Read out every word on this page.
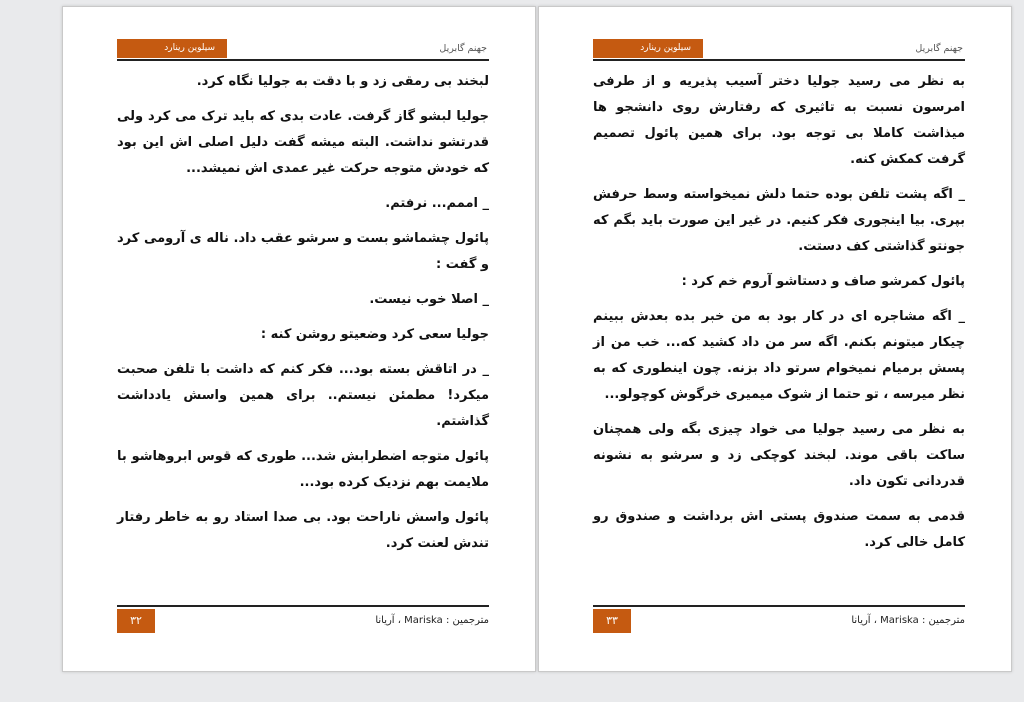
سیلوین رینارد	جهنم گابریل

لبخند بی رمقی زد و با دقت به جولیا نگاه کرد.

جولیا لبشو گاز گرفت. عادت بدی که باید ترک می کرد ولی قدرتشو نداشت. البته میشه گفت دلیل اصلی اش این بود که خودش متوجه حرکت غیر عمدی اش نمیشد...

_ اممم... نرفتم.

پائول چشماشو بست و سرشو عقب داد. ناله ی آرومی کرد و گفت :

_ اصلا خوب نیست.

جولیا سعی کرد وضعیتو روشن کنه :

_ در اتاقش بسته بود... فکر کنم که داشت با تلفن صحبت میکرد! مطمئن نیستم.. برای همین واسش یادداشت گذاشتم.

پائول متوجه اضطرابش شد... طوری که قوس ابروهاشو با ملایمت بهم نزدیک کرده بود...

پائول واسش ناراحت بود. بی صدا استاد رو به خاطر رفتار تندش لعنت کرد.

۳۲	مترجمین : Mariska ، آریانا
سیلوین رینارد	جهنم گابریل

به نظر می رسید جولیا دختر آسیب پذیریه و از طرفی امرسون نسبت به تاثیری که رفتارش روی دانشجو ها میذاشت کاملا بی توجه بود. برای همین پائول تصمیم گرفت کمکش کنه.

_ اگه پشت تلفن بوده حتما دلش نمیخواسته وسط حرفش بپری. بیا اینجوری فکر کنیم. در غیر این صورت باید بگم که جونتو گذاشتی کف دستت.

پائول کمرشو صاف و دستاشو آروم خم کرد :

_ اگه مشاجره ای در کار بود به من خبر بده بعدش ببینم چیکار میتونم بکنم. اگه سر من داد کشید که... خب من از پسش برمیام نمیخوام سرتو داد بزنه. چون اینطوری که به نظر میرسه ، تو حتما از شوک میمیری خرگوش کوچولو...

به نظر می رسید جولیا می خواد چیزی بگه ولی همچنان ساکت باقی موند. لبخند کوچکی زد و سرشو به نشونه قدردانی تکون داد.

قدمی به سمت صندوق پستی اش برداشت و صندوق رو کامل خالی کرد.

۳۳	مترجمین : Mariska ، آریانا
